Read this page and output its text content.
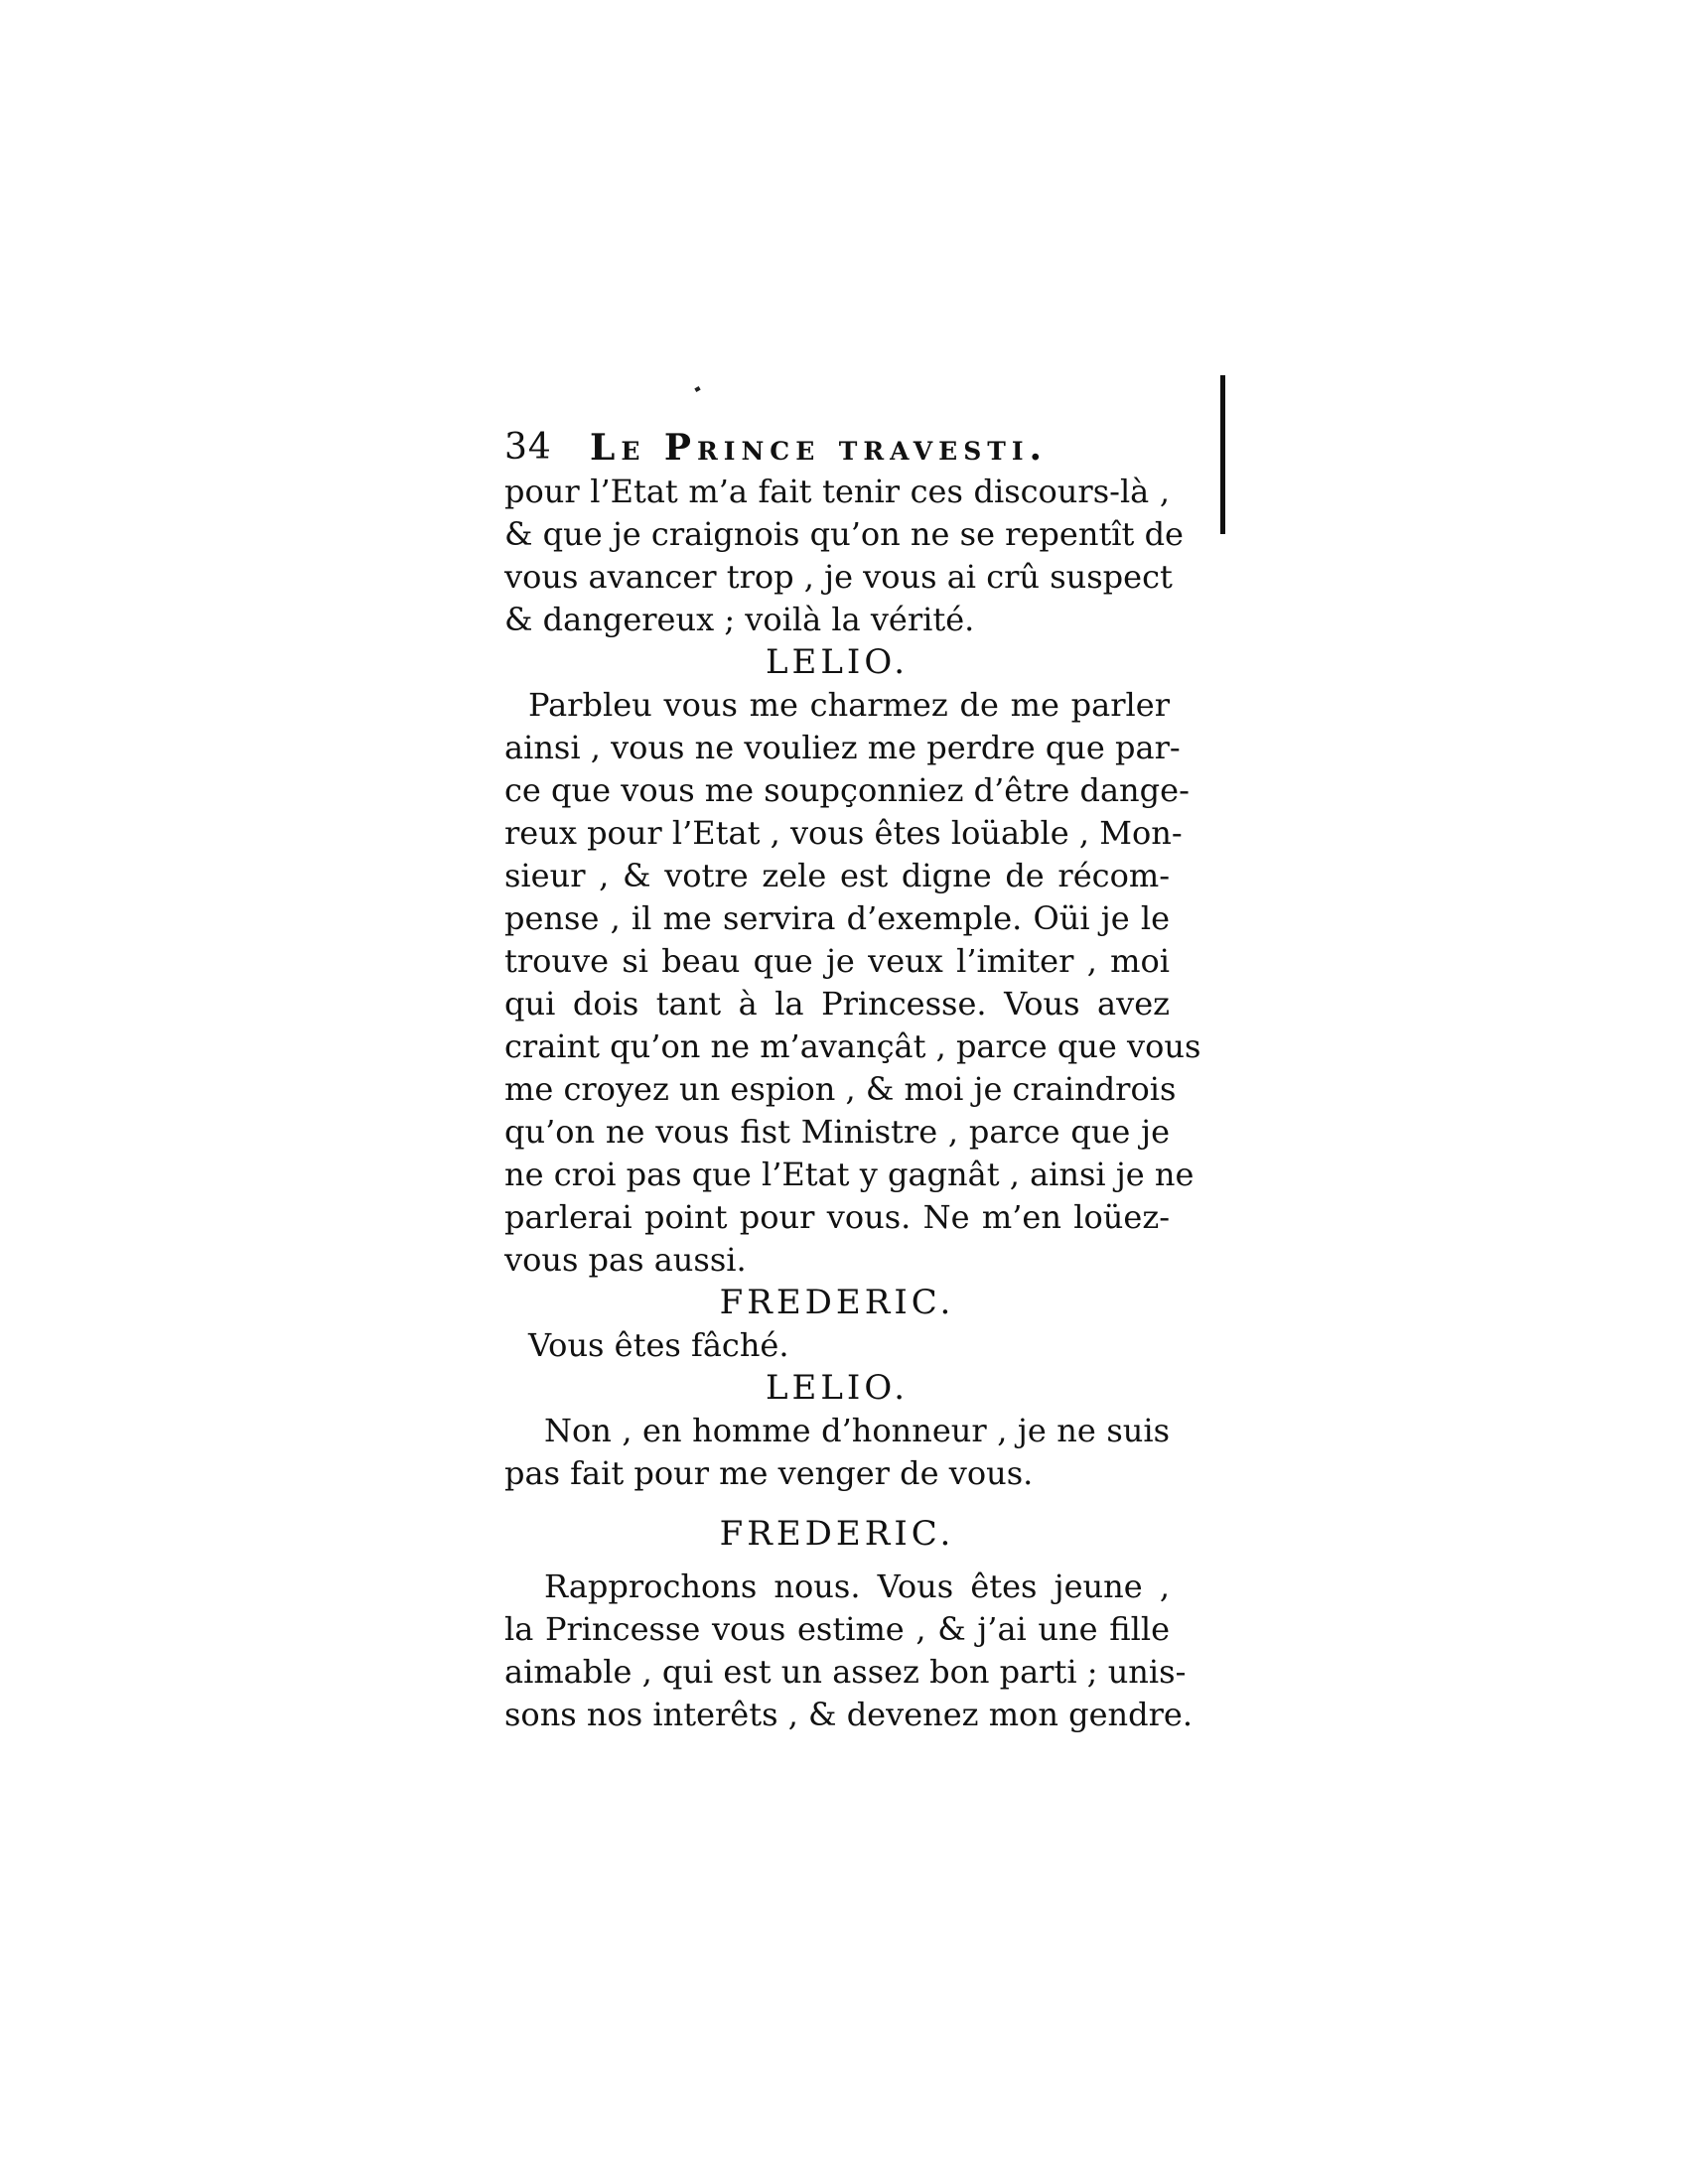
34 Le Prince travesti.
pour l’Etat m’a fait tenir ces discours-là ,
& que je craignois qu’on ne se repentît de
vous avancer trop , je vous ai crû suspect
& dangereux ; voilà la vérité.
LELIO.
Parbleu vous me charmez de me parler
ainsi , vous ne vouliez me perdre que par-
ce que vous me soupçonniez d’être dange-
reux pour l’Etat , vous êtes loüable , Mon-
sieur , & votre zele est digne de récom-
pense , il me servira d’exemple. Oüi je le
trouve si beau que je veux l’imiter , moi
qui dois tant à la Princesse. Vous avez
craint qu’on ne m’avançât , parce que vous
me croyez un espion , & moi je craindrois
qu’on ne vous fist Ministre , parce que je
ne croi pas que l’Etat y gagnât , ainsi je ne
parlerai point pour vous. Ne m’en loüez-
vous pas aussi.
FREDERIC.
Vous êtes fâché.
LELIO.
Non , en homme d’honneur , je ne suis
pas fait pour me venger de vous.
FREDERIC.
Rapprochons nous. Vous êtes jeune ,
la Princesse vous estime , & j’ai une fille
aimable , qui est un assez bon parti ; unis-
sons nos interêts , & devenez mon gendre.
